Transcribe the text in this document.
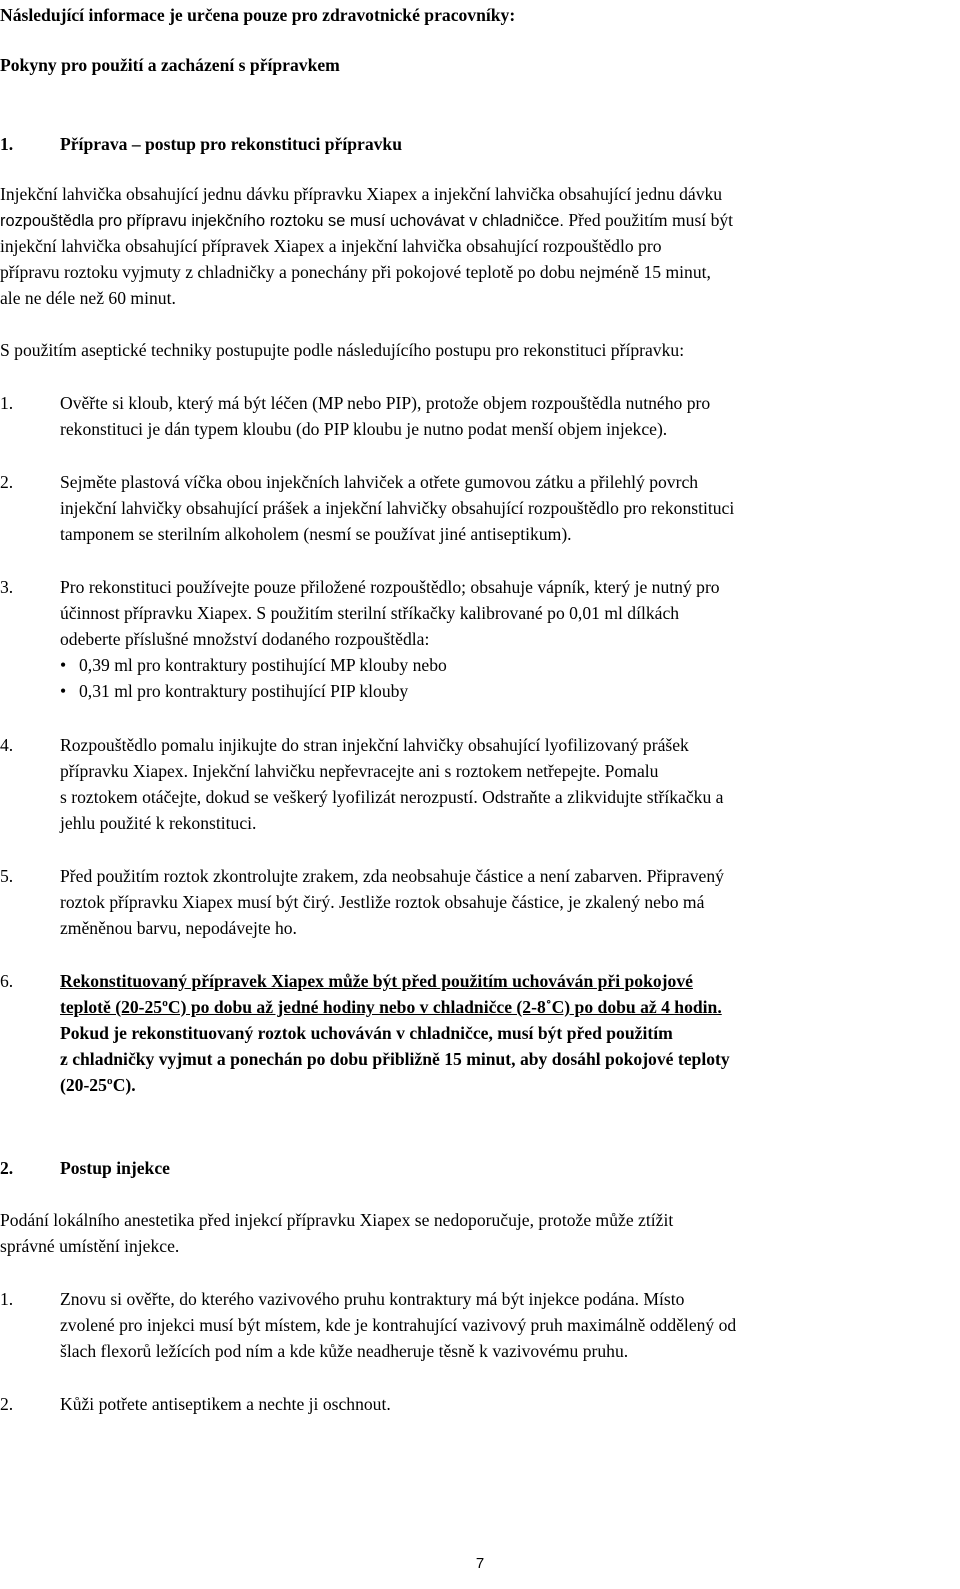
Následující informace je určena pouze pro zdravotnické pracovníky:
Pokyny pro použití a zacházení s přípravkem
1.	Příprava – postup pro rekonstituci přípravku
Injekční lahvička obsahující jednu dávku přípravku Xiapex a injekční lahvička obsahující jednu dávku
rozpouštědla pro přípravu injekčního roztoku se musí uchovávat v chladničce. Před použitím musí být
injekční lahvička obsahující přípravek Xiapex a injekční lahvička obsahující rozpouštědlo pro
přípravu roztoku vyjmuty z chladničky a ponechány při pokojové teplotě po dobu nejméně 15 minut,
ale ne déle než 60 minut.
S použitím aseptické techniky postupujte podle následujícího postupu pro rekonstituci přípravku:
1.	Ověřte si kloub, který má být léčen (MP nebo PIP), protože objem rozpouštědla nutného pro
rekonstituci je dán typem kloubu (do PIP kloubu je nutno podat menší objem injekce).
2.	Sejměte plastová víčka obou injekčních lahviček a otřete gumovou zátku a přilehlý povrch
injekční lahvičky obsahující prášek a injekční lahvičky obsahující rozpouštědlo pro rekonstituci
tamponem se sterilním alkoholem (nesmí se používat jiné antiseptikum).
3.	Pro rekonstituci používejte pouze přiložené rozpouštědlo; obsahuje vápník, který je nutný pro
účinnost přípravku Xiapex. S použitím sterilní stříkačky kalibrované po 0,01 ml dílkách
odeberte příslušné množství dodaného rozpouštědla:
• 0,39 ml pro kontraktury postihující MP klouby nebo
• 0,31 ml pro kontraktury postihující PIP klouby
4.	Rozpouštědlo pomalu injikujte do stran injekční lahvičky obsahující lyofilizovaný prášek
přípravku Xiapex. Injekční lahvičku nepřevracejte ani s roztokem netřepejte. Pomalu
s roztokem otáčejte, dokud se veškerý lyofilizát nerozpustí. Odstraňte a zlikvidujte stříkačku a
jehlu použité k rekonstituci.
5.	Před použitím roztok zkontrolujte zrakem, zda neobsahuje částice a není zabarven. Připravený
roztok přípravku Xiapex musí být čirý. Jestliže roztok obsahuje částice, je zkalený nebo má
změněnou barvu, nepodávejte ho.
6.	Rekonstituovaný přípravek Xiapex může být před použitím uchováván při pokojové
teplotě (20-25ºC) po dobu až jedné hodiny nebo v chladničce (2-8˚C) po dobu až 4 hodin.
Pokud je rekonstituovaný roztok uchováván v chladničce, musí být před použitím
z chladničky vyjmut a ponechán po dobu přibližně 15 minut, aby dosáhl pokojové teploty
(20-25ºC).
2.	Postup injekce
Podání lokálního anestetika před injekcí přípravku Xiapex se nedoporučuje, protože může ztížit
správné umístění injekce.
1.	Znovu si ověřte, do kterého vazivového pruhu kontraktury má být injekce podána. Místo
zvolené pro injekci musí být místem, kde je kontrahující vazivový pruh maximálně oddělený od
šlach flexorů ležících pod ním a kde kůže neadheruje těsně k vazivovému pruhu.
2.	Kůži potřete antiseptikem a nechte ji oschnout.
7
